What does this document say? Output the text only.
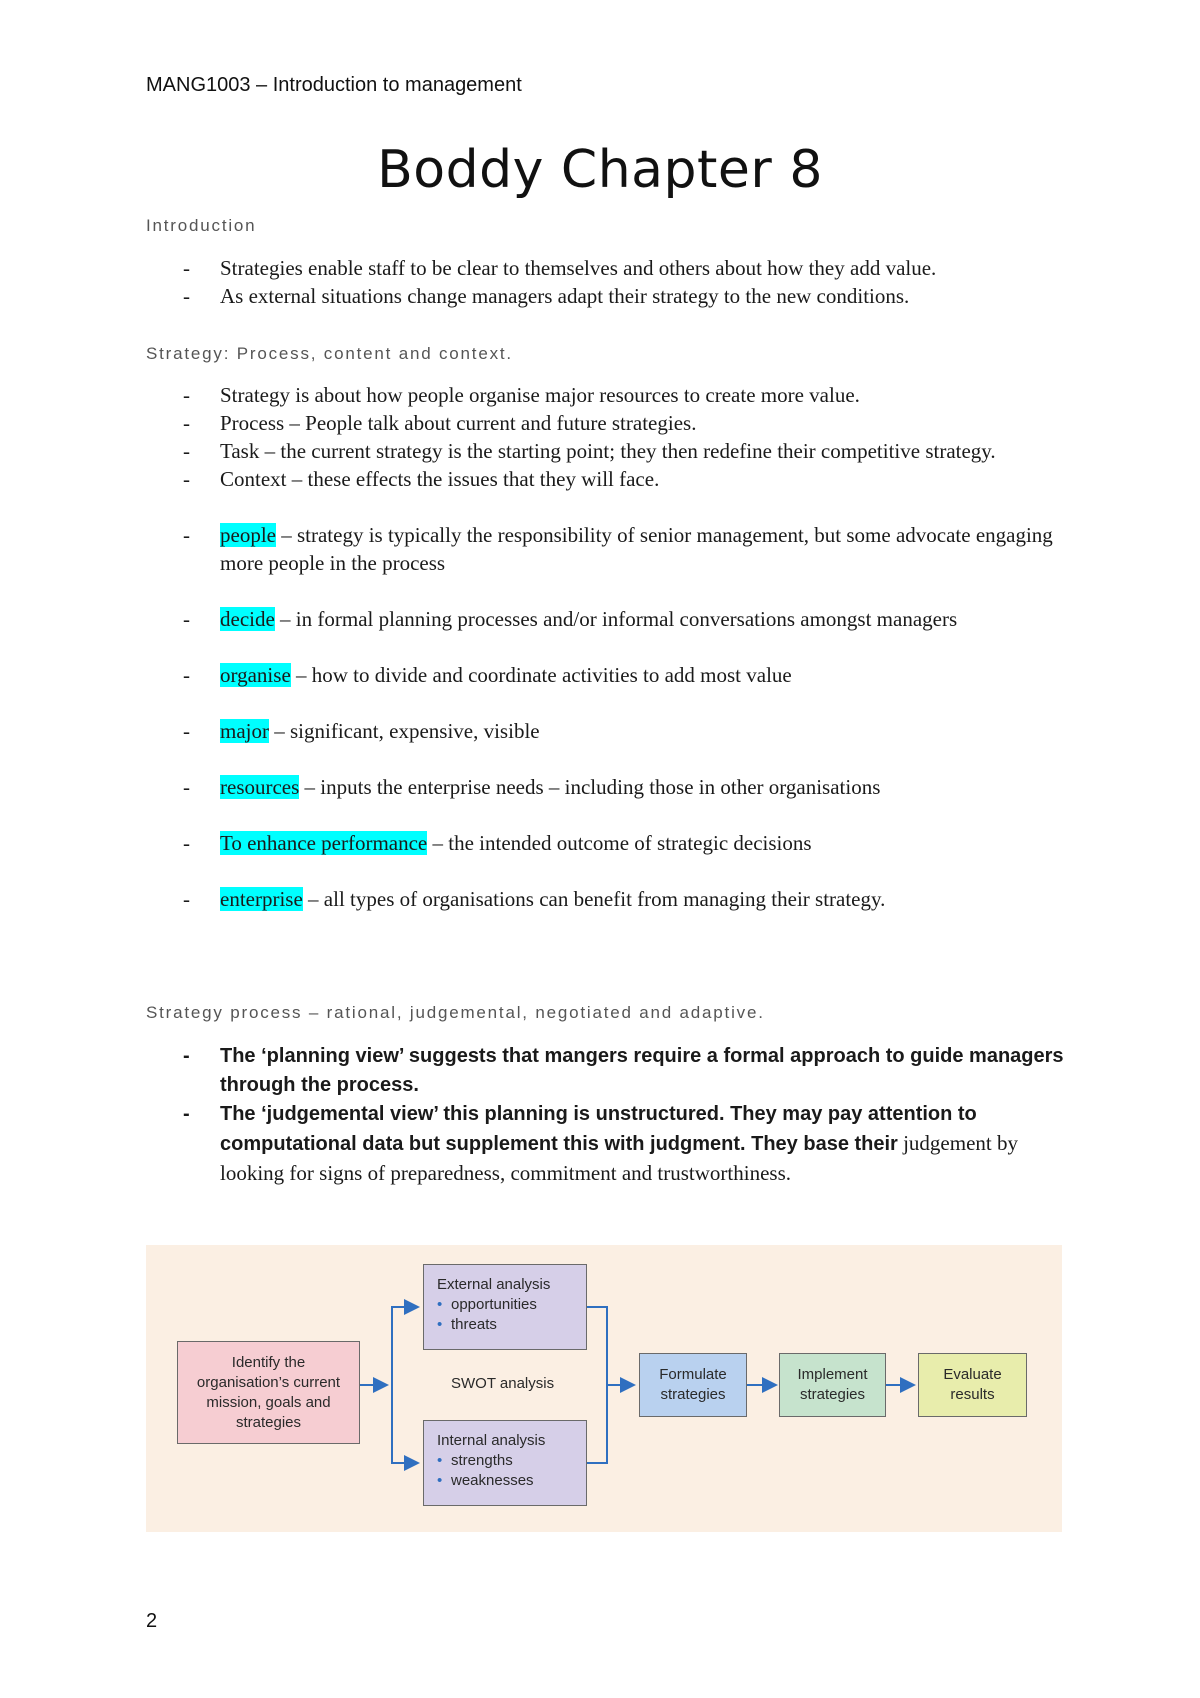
MANG1003 – Introduction to management
Boddy Chapter 8
Introduction
- Strategies enable staff to be clear to themselves and others about how they add value.
- As external situations change managers adapt their strategy to the new conditions.
Strategy: Process, content and context.
- Strategy is about how people organise major resources to create more value.
- Process – People talk about current and future strategies.
- Task – the current strategy is the starting point; they then redefine their competitive strategy.
- Context – these effects the issues that they will face.
- people – strategy is typically the responsibility of senior management, but some advocate engaging more people in the process
- decide – in formal planning processes and/or informal conversations amongst managers
- organise – how to divide and coordinate activities to add most value
- major – significant, expensive, visible
- resources – inputs the enterprise needs – including those in other organisations
- To enhance performance – the intended outcome of strategic decisions
- enterprise – all types of organisations can benefit from managing their strategy.
Strategy process – rational, judgemental, negotiated and adaptive.
- The ‘planning view’ suggests that mangers require a formal approach to guide managers through the process.
- The ‘judgemental view’ this planning is unstructured. They may pay attention to computational data but supplement this with judgment. They base their judgement by looking for signs of preparedness, commitment and trustworthiness.
Identify the organisation’s current mission, goals and strategies
External analysis
• opportunities
• threats
SWOT analysis
Internal analysis
• strengths
• weaknesses
Formulate strategies
Implement strategies
Evaluate results
2
